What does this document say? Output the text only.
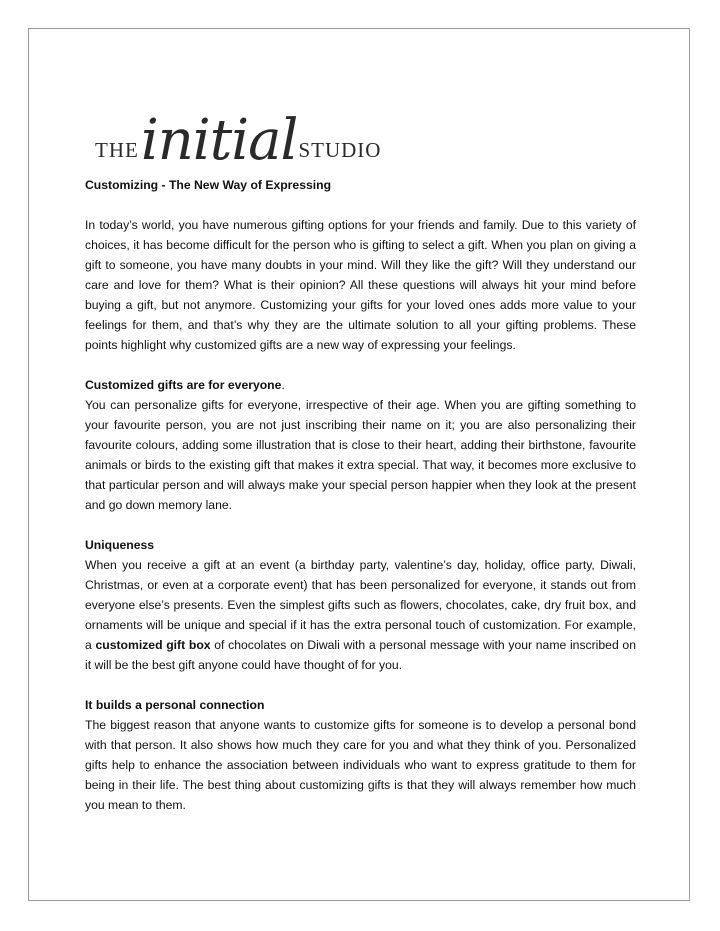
THE initial STUDIO

Customizing - The New Way of Expressing

In today’s world, you have numerous gifting options for your friends and family. Due to this variety of choices, it has become difficult for the person who is gifting to select a gift. When you plan on giving a gift to someone, you have many doubts in your mind. Will they like the gift? Will they understand our care and love for them? What is their opinion? All these questions will always hit your mind before buying a gift, but not anymore. Customizing your gifts for your loved ones adds more value to your feelings for them, and that’s why they are the ultimate solution to all your gifting problems. These points highlight why customized gifts are a new way of expressing your feelings.

Customized gifts are for everyone.

You can personalize gifts for everyone, irrespective of their age. When you are gifting something to your favourite person, you are not just inscribing their name on it; you are also personalizing their favourite colours, adding some illustration that is close to their heart, adding their birthstone, favourite animals or birds to the existing gift that makes it extra special. That way, it becomes more exclusive to that particular person and will always make your special person happier when they look at the present and go down memory lane.

Uniqueness

When you receive a gift at an event (a birthday party, valentine’s day, holiday, office party, Diwali, Christmas, or even at a corporate event) that has been personalized for everyone, it stands out from everyone else’s presents. Even the simplest gifts such as flowers, chocolates, cake, dry fruit box, and ornaments will be unique and special if it has the extra personal touch of customization. For example, a customized gift box of chocolates on Diwali with a personal message with your name inscribed on it will be the best gift anyone could have thought of for you.

It builds a personal connection

The biggest reason that anyone wants to customize gifts for someone is to develop a personal bond with that person. It also shows how much they care for you and what they think of you. Personalized gifts help to enhance the association between individuals who want to express gratitude to them for being in their life. The best thing about customizing gifts is that they will always remember how much you mean to them.
